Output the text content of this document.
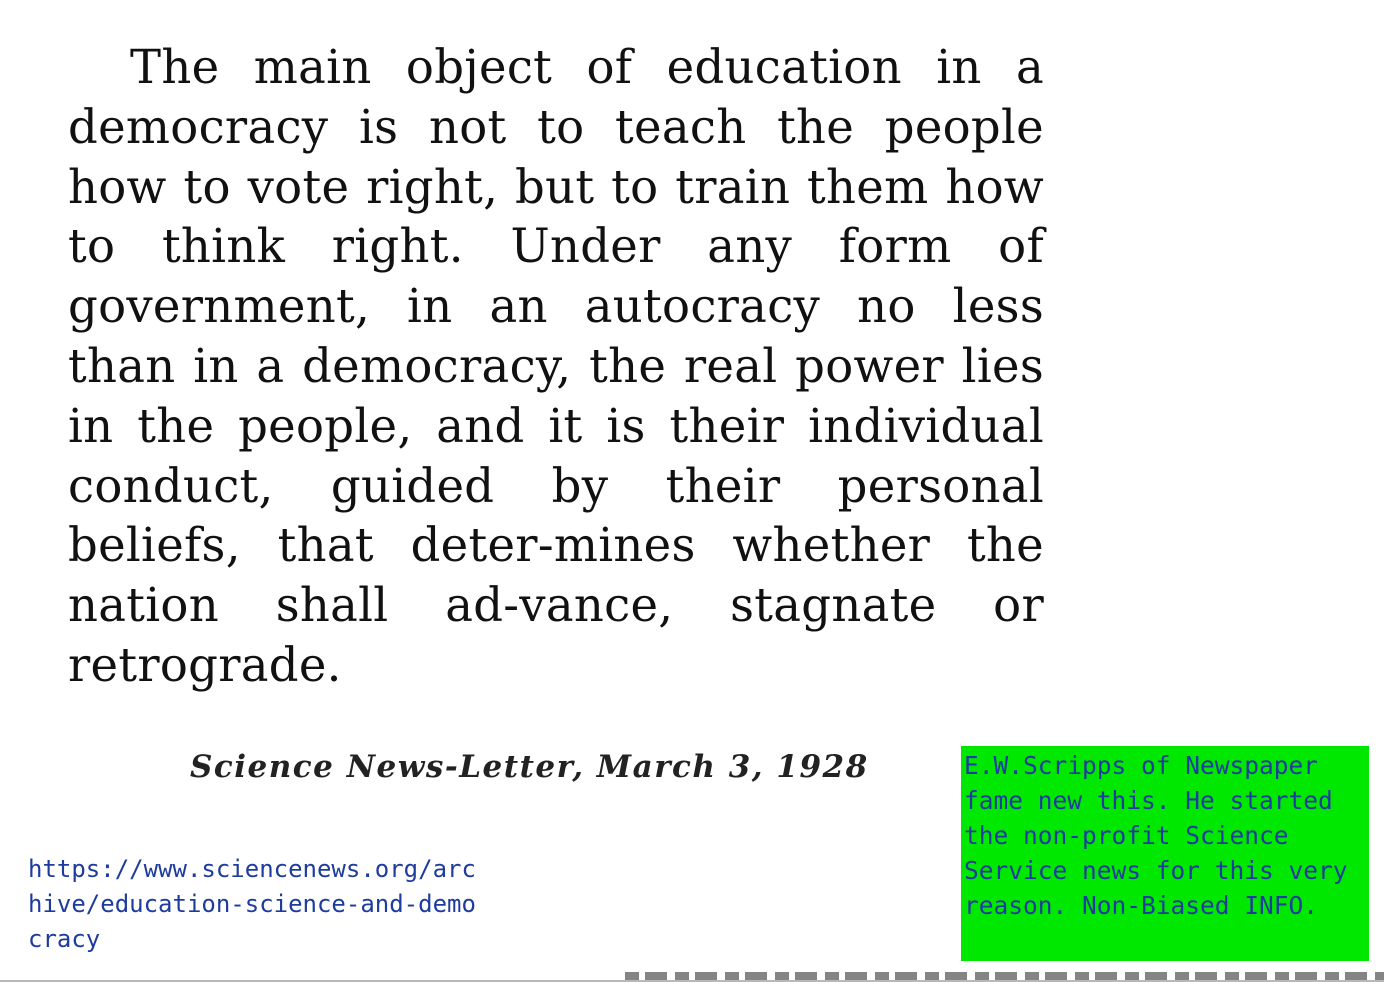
The main object of education in a democracy is not to teach the people how to vote right, but to train them how to think right. Under any form of government, in an autocracy no less than in a democracy, the real power lies in the people, and it is their individual conduct, guided by their personal beliefs, that deter-mines whether the nation shall ad-vance, stagnate or retrograde.

Science News-Letter, March 3, 1928
https://www.sciencenews.org/archive/education-science-and-democracy

E.W.Scripps of Newspaper fame new this. He started the non-profit Science Service news for this very reason. Non-Biased INFO.
